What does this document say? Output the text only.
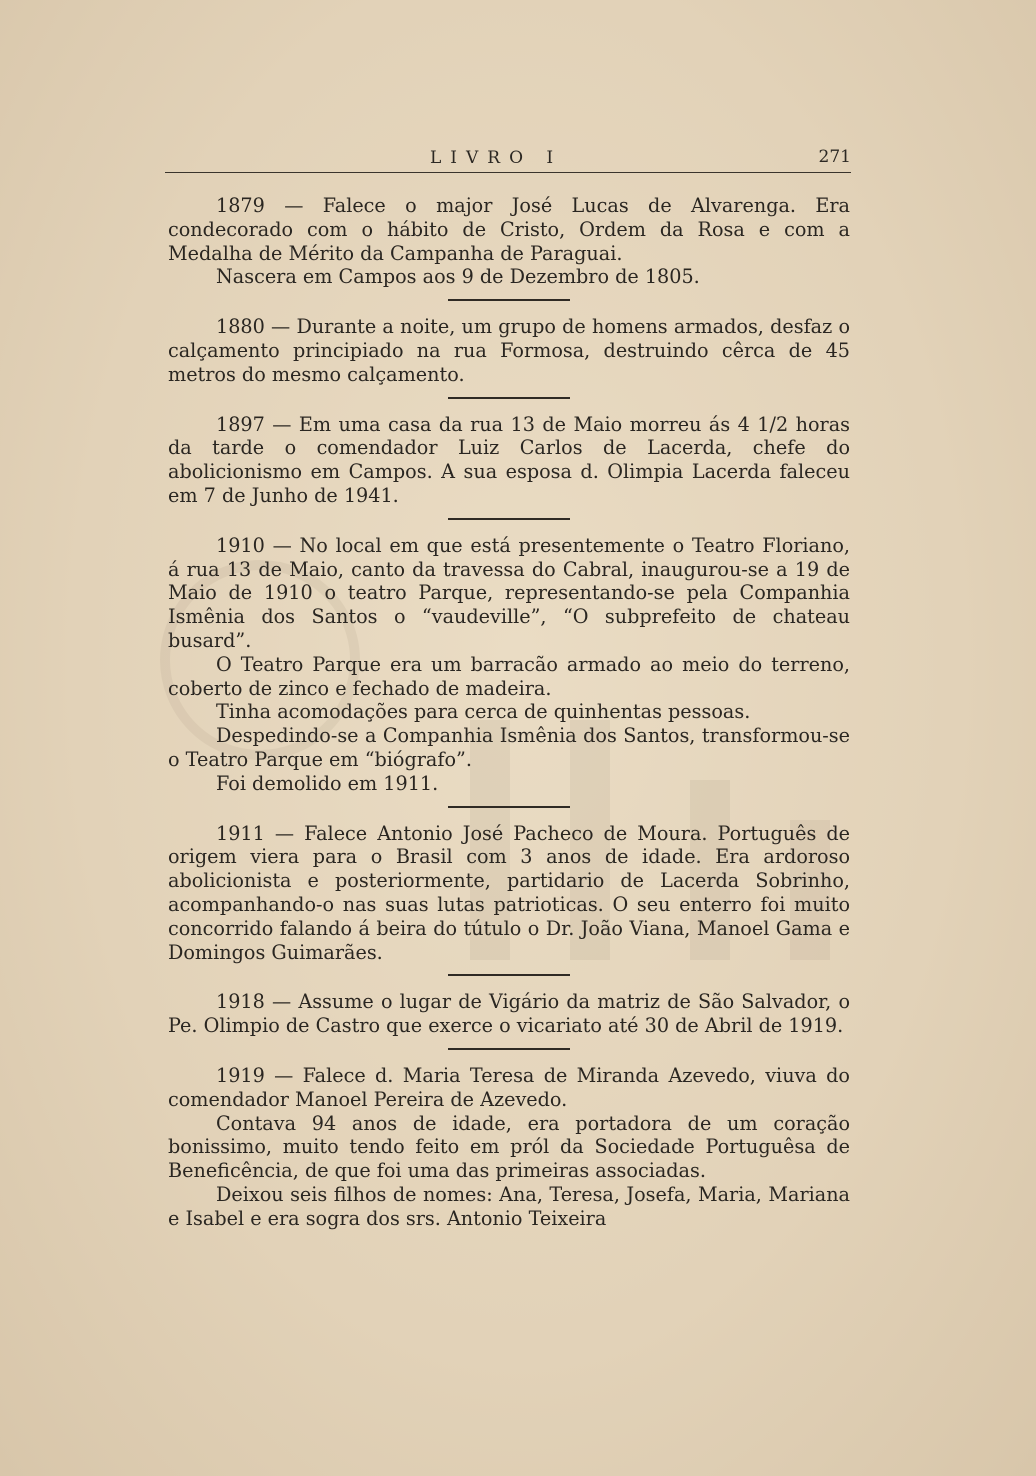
LIVRO I	271

1879 — Falece o major José Lucas de Alvarenga. Era condecorado com o hábito de Cristo, Ordem da Rosa e com a Medalha de Mérito da Campanha de Paraguai.

Nascera em Campos aos 9 de Dezembro de 1805.

1880 — Durante a noite, um grupo de homens armados, desfaz o calçamento principiado na rua Formosa, destruindo cêrca de 45 metros do mesmo calçamento.

1897 — Em uma casa da rua 13 de Maio morreu ás 4 1/2 horas da tarde o comendador Luiz Carlos de Lacerda, chefe do abolicionismo em Campos. A sua esposa d. Olimpia Lacerda faleceu em 7 de Junho de 1941.

1910 — No local em que está presentemente o Teatro Floriano, á rua 13 de Maio, canto da travessa do Cabral, inaugurou-se a 19 de Maio de 1910 o teatro Parque, representando-se pela Companhia Ismênia dos Santos o “vaudeville”, “O subprefeito de chateau busard”.

O Teatro Parque era um barracão armado ao meio do terreno, coberto de zinco e fechado de madeira.

Tinha acomodações para cerca de quinhentas pessoas.

Despedindo-se a Companhia Ismênia dos Santos, transformou-se o Teatro Parque em “biógrafo”.

Foi demolido em 1911.

1911 — Falece Antonio José Pacheco de Moura. Português de origem viera para o Brasil com 3 anos de idade. Era ardoroso abolicionista e posteriormente, partidario de Lacerda Sobrinho, acompanhando-o nas suas lutas patrioticas. O seu enterro foi muito concorrido falando á beira do tútulo o Dr. João Viana, Manoel Gama e Domingos Guimarães.

1918 — Assume o lugar de Vigário da matriz de São Salvador, o Pe. Olimpio de Castro que exerce o vicariato até 30 de Abril de 1919.

1919 — Falece d. Maria Teresa de Miranda Azevedo, viuva do comendador Manoel Pereira de Azevedo.

Contava 94 anos de idade, era portadora de um coração bonissimo, muito tendo feito em pról da Sociedade Portuguêsa de Beneficência, de que foi uma das primeiras associadas.

Deixou seis filhos de nomes: Ana, Teresa, Josefa, Maria, Mariana e Isabel e era sogra dos srs. Antonio Teixeira
